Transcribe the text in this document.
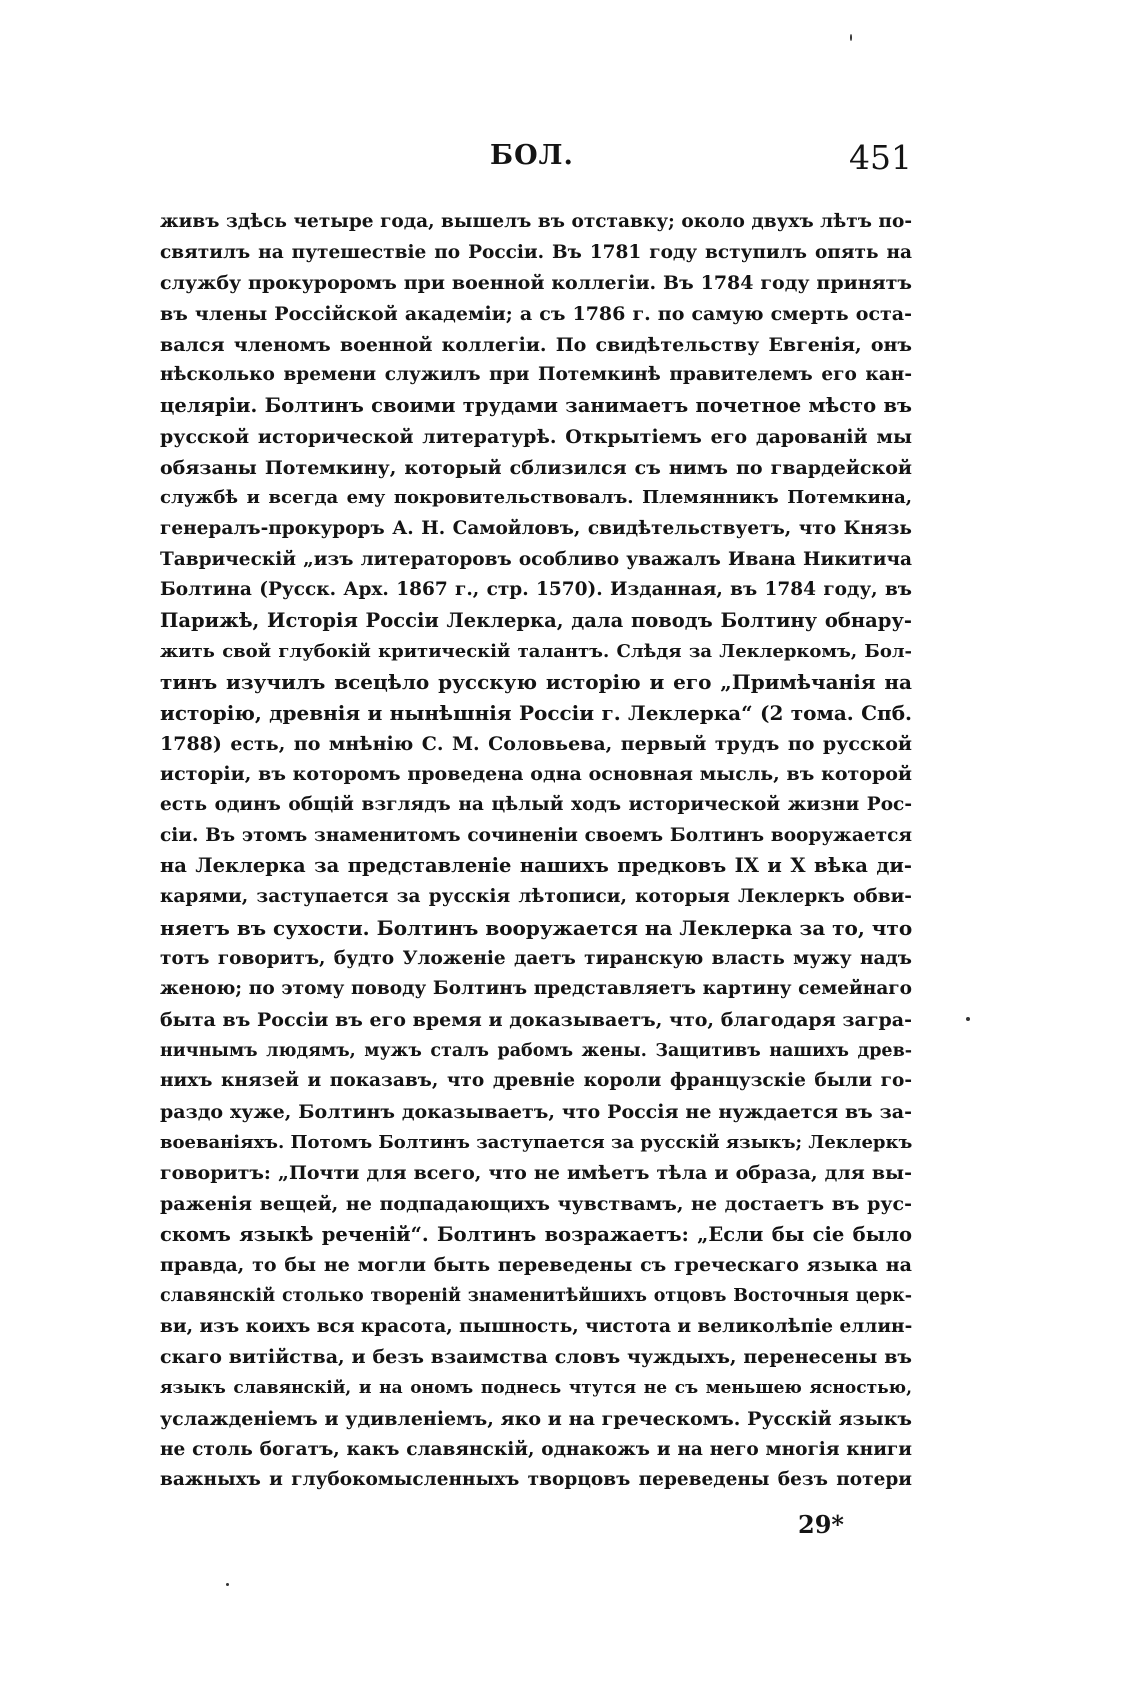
БОЛ.	451
живъ здѣсь четыре года, вышелъ въ отставку; около двухъ лѣтъ по-
святилъ на путешествіе по Россіи. Въ 1781 году вступилъ опять на
службу прокуроромъ при военной коллегіи. Въ 1784 году принятъ
въ члены Россійской академіи; а съ 1786 г. по самую смерть оста-
вался членомъ военной коллегіи. По свидѣтельству Евгенія, онъ
нѣсколько времени служилъ при Потемкинѣ правителемъ его кан-
целяріи. Болтинъ своими трудами занимаетъ почетное мѣсто въ
русской исторической литературѣ. Открытіемъ его дарованій мы
обязаны Потемкину, который сблизился съ нимъ по гвардейской
службѣ и всегда ему покровительствовалъ. Племянникъ Потемкина,
генералъ-прокуроръ А. Н. Самойловъ, свидѣтельствуетъ, что Князь
Таврическій „изъ литераторовъ особливо уважалъ Ивана Никитича
Болтина (Русск. Арх. 1867 г., стр. 1570). Изданная, въ 1784 году, въ
Парижѣ, Исторія Россіи Леклерка, дала поводъ Болтину обнару-
жить свой глубокій критическій талантъ. Слѣдя за Леклеркомъ, Бол-
тинъ изучилъ всецѣло русскую исторію и его „Примѣчанія на
исторію, древнія и нынѣшнія Россіи г. Леклерка“ (2 тома. Спб.
1788) есть, по мнѣнію С. М. Соловьева, первый трудъ по русской
исторіи, въ которомъ проведена одна основная мысль, въ которой
есть одинъ общій взглядъ на цѣлый ходъ исторической жизни Рос-
сіи. Въ этомъ знаменитомъ сочиненіи своемъ Болтинъ вооружается
на Леклерка за представленіе нашихъ предковъ IX и X вѣка ди-
карями, заступается за русскія лѣтописи, которыя Леклеркъ обви-
няетъ въ сухости. Болтинъ вооружается на Леклерка за то, что
тотъ говоритъ, будто Уложеніе даетъ тиранскую власть мужу надъ
женою; по этому поводу Болтинъ представляетъ картину семейнаго
быта въ Россіи въ его время и доказываетъ, что, благодаря загра-
ничнымъ людямъ, мужъ сталъ рабомъ жены. Защитивъ нашихъ древ-
нихъ князей и показавъ, что древніе короли французскіе были го-
раздо хуже, Болтинъ доказываетъ, что Россія не нуждается въ за-
воеваніяхъ. Потомъ Болтинъ заступается за русскій языкъ; Леклеркъ
говоритъ: „Почти для всего, что не имѣетъ тѣла и образа, для вы-
раженія вещей, не подпадающихъ чувствамъ, не достаетъ въ рус-
скомъ языкѣ реченій“. Болтинъ возражаетъ: „Если бы сіе было
правда, то бы не могли быть переведены съ греческаго языка на
славянскій столько твореній знаменитѣйшихъ отцовъ Восточныя церк-
ви, изъ коихъ вся красота, пышность, чистота и великолѣпіе еллин-
скаго витійства, и безъ взаимства словъ чуждыхъ, перенесены въ
языкъ славянскій, и на ономъ поднесь чтутся не съ меньшею ясностью,
услажденіемъ и удивленіемъ, яко и на греческомъ. Русскій языкъ
не столь богатъ, какъ славянскій, однакожъ и на него многія книги
важныхъ и глубокомысленныхъ творцовъ переведены безъ потери
29*
